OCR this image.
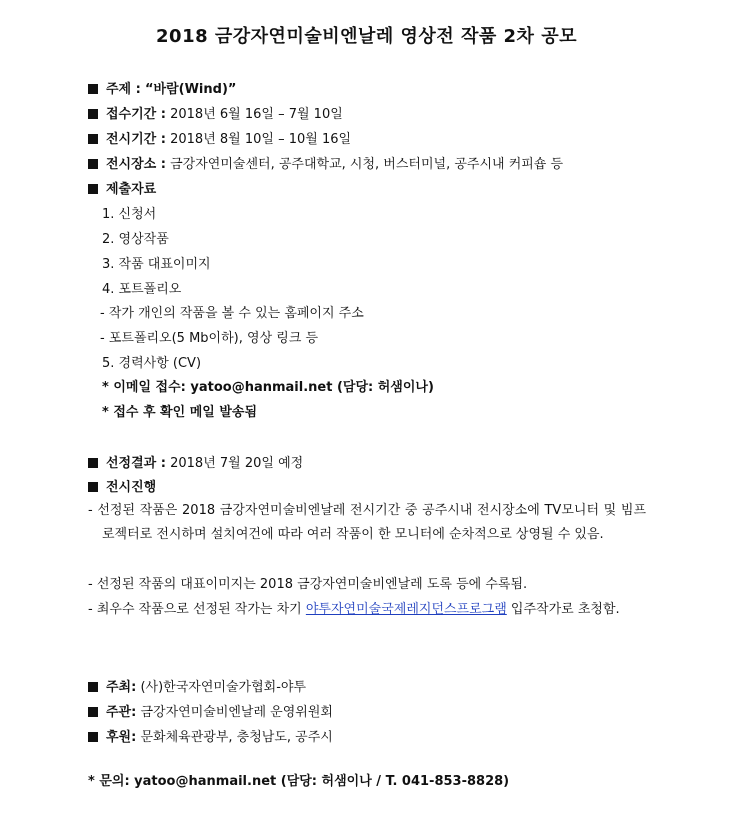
2018 금강자연미술비엔날레 영상전 작품 2차 공모
주제 : “바람(Wind)”
접수기간 : 2018년 6월 16일 – 7월 10일
전시기간 : 2018년 8월 10일 – 10월 16일
전시장소 : 금강자연미술센터, 공주대학교, 시청, 버스터미널, 공주시내 커피숍 등
제출자료
1. 신청서
2. 영상작품
3. 작품 대표이미지
4. 포트폴리오
- 작가 개인의 작품을 볼 수 있는 홈페이지 주소
- 포트폴리오(5 Mb이하), 영상 링크 등
5. 경력사항 (CV)
* 이메일 접수: yatoo@hanmail.net (담당: 허샘이나)
* 접수 후 확인 메일 발송됨
선정결과 : 2018년 7월 20일 예정
전시진행
- 선정된 작품은 2018 금강자연미술비엔날레 전시기간 중 공주시내 전시장소에 TV모니터 및 빔프로젝터로 전시하며 설치여건에 따라 여러 작품이 한 모니터에 순차적으로 상영될 수 있음.
- 선정된 작품의 대표이미지는 2018 금강자연미술비엔날레 도록 등에 수록됨.
- 최우수 작품으로 선정된 작가는 차기 야투자연미술국제레지던스프로그램 입주작가로 초청함.
주최: (사)한국자연미술가협회-야투
주관: 금강자연미술비엔날레 운영위원회
후원: 문화체육관광부, 충청남도, 공주시
* 문의: yatoo@hanmail.net (담당: 허샘이나 / T. 041-853-8828)
